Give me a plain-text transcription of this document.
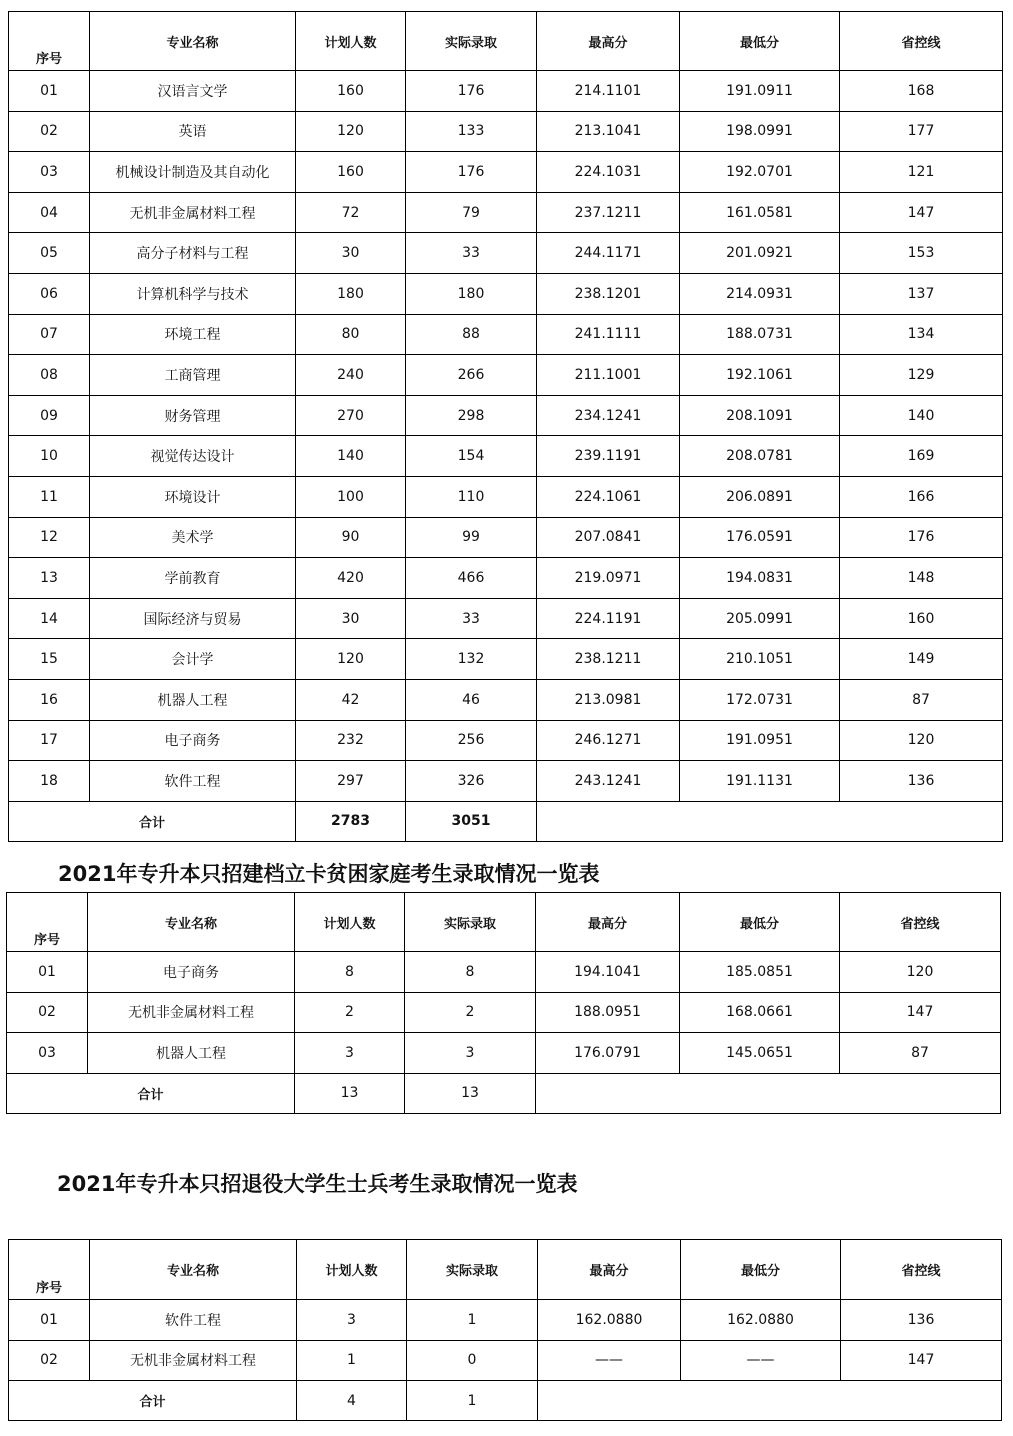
序号	专业名称	计划人数	实际录取	最高分	最低分	省控线
01	汉语言文学	160	176	214.1101	191.0911	168
02	英语	120	133	213.1041	198.0991	177
03	机械设计制造及其自动化	160	176	224.1031	192.0701	121
04	无机非金属材料工程	72	79	237.1211	161.0581	147
05	高分子材料与工程	30	33	244.1171	201.0921	153
06	计算机科学与技术	180	180	238.1201	214.0931	137
07	环境工程	80	88	241.1111	188.0731	134
08	工商管理	240	266	211.1001	192.1061	129
09	财务管理	270	298	234.1241	208.1091	140
10	视觉传达设计	140	154	239.1191	208.0781	169
11	环境设计	100	110	224.1061	206.0891	166
12	美术学	90	99	207.0841	176.0591	176
13	学前教育	420	466	219.0971	194.0831	148
14	国际经济与贸易	30	33	224.1191	205.0991	160
15	会计学	120	132	238.1211	210.1051	149
16	机器人工程	42	46	213.0981	172.0731	87
17	电子商务	232	256	246.1271	191.0951	120
18	软件工程	297	326	243.1241	191.1131	136
合计		2783	3051			
2021年专升本只招建档立卡贫困家庭考生录取情况一览表
序号	专业名称	计划人数	实际录取	最高分	最低分	省控线
01	电子商务	8	8	194.1041	185.0851	120
02	无机非金属材料工程	2	2	188.0951	168.0661	147
03	机器人工程	3	3	176.0791	145.0651	87
合计		13	13			
2021年专升本只招退役大学生士兵考生录取情况一览表
序号	专业名称	计划人数	实际录取	最高分	最低分	省控线
01	软件工程	3	1	162.0880	162.0880	136
02	无机非金属材料工程	1	0	——	——	147
合计		4	1			
